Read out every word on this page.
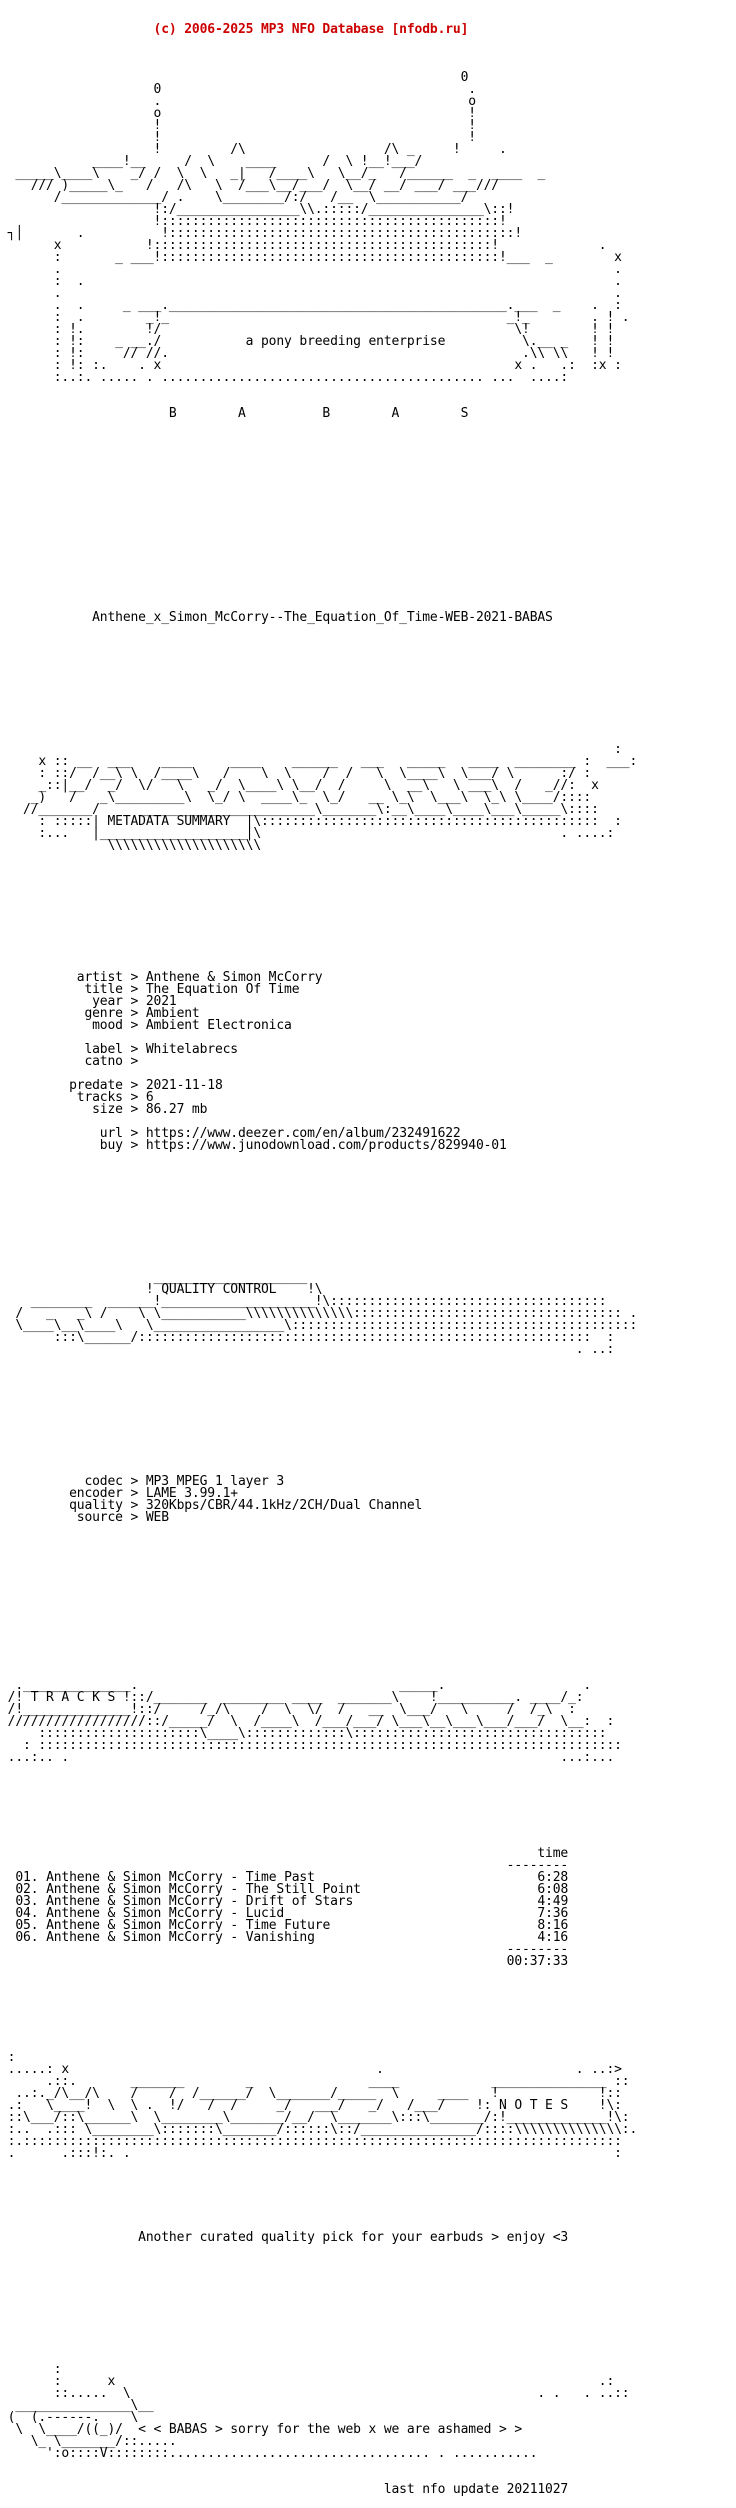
(c) 2006-2025 MP3 NFO Database [nfodb.ru]

0
0                                        .
.                                        o
o                                        !
!                                        !
!                                        !
!         /\                  /\ _     !     .
____!__     /  \    ____      /  \ !__!___/
_____\____\    _/ /  \  \   _|   /____\   \__/_   /______  _  ____  _
/// )_____\_   /   /\   \  /___\__/___/  \__/ __/ ___/ ___///
/_____________/ .    \________/:/   /__  \___________/
!:/________________\\.:::::/_______________\::!
!::::::::::::::::::::::::::::::::::::::::::::!
┐│       .          !:::::::::::::::::::::::::::::::::::::::::::::!
x           !::::::::::::::::::::::::::::::::::::::::::::!             .
:       _ ___!::::::::::::::::::::::::::::::::::::::::::::!___  _        x
.                                                                        .
:  .                                                                     .
.                                                                        .
.  .     _ ___.____________________________________________.___  _    .  :
:  .        _!_                                            _!_        . ! .
: !.        !/                                              \!        ! !
: !:    _ __./           a pony breeding enterprise          \.__ _   ! !
: !:     // //.                                              .\\ \\   ! !
: !: :.    . x                                              x .   .:  :x :
:..:. ..... . .......................................... ...  ....:

B        A          B        A        S

Anthene_x_Simon_McCorry--The_Equation_Of_Time-WEB-2021-BABAS

:
x :: __  ___    ____     ____    ______   ___   _____   ____  ________ :  ___:
: ::/  /__\ \  /____\   /    \  \    /  /   \  \____\  \___/ \      :/ :
_::|__/  _/  \/   \   _/  \____\ \__/  /     \  __\   \ ___\  /   _//:  x
_)   /   _\_________\  \_/ \  ____\_  \_/   __ \_\  \___\  \_\ \____/::::
//_______/     _______________________\_______\:__\____\____\___\_____\::::
: :::::| METADATA SUMMARY  |\::::::::::::::::::::::::::::::::::::::::::::  :
:...   |___________________|\                                       . ....:
\\\\\\\\\\\\\\\\\\\\

artist > Anthene & Simon McCorry
title > The Equation Of Time
year > 2021
genre > Ambient
mood > Ambient Electronica
label > Whitelabrecs
catno >
predate > 2021-11-18
tracks > 6
size > 86.27 mb
url > https://www.deezer.com/en/album/232491622
buy > https://www.junodownload.com/products/829940-01

____________________
! QUALITY CONTROL    !\
________  ______!____________________!\::::::::::::::::::::::::::::::::::::
/   _   _\ /    \ \___________\\\\\\\\\\\\\\::::::::::::::::::::::::::::::::::: .
\____\__\____\   \_________________\:::::::::::::::::::::::::::::::::::::::::::::
:::\______/:::::::::::::::::::::::::::::::::::::::::::::::::::::::::::  :
. ..:

codec > MP3 MPEG 1 layer 3
encoder > LAME 3.99.1+
quality > 320Kbps/CBR/44.1kHz/2CH/Dual Channel
source > WEB

.______________.                                  _____.                  .
/! T R A C K S !::/_______  ________ ____  _______\    !__________. ____/_:
/!______________!::/     /_/\    /  \  \/  /   __  \___/   \     /  /_\  :
//////////////////::/_____/  \  /____\  /___/___/ \___\__\___\___/___/  \__:  :
:::::::::::::::::::::\____\:::::::::::::\:::::::::::::::::::::::::::::::::
: ::::::::::::::::::::::::::::::::::::::::::::::::::::::::::::::::::::::::::::
...:.. .                                                                ...:...

time
--------
01. Anthene & Simon McCorry - Time Past	6:28
02. Anthene & Simon McCorry - The Still Point	6:08
03. Anthene & Simon McCorry - Drift of Stars	4:49
04. Anthene & Simon McCorry - Lucid	7:36
05. Anthene & Simon McCorry - Time Future	8:16
06. Anthene & Simon McCorry - Vanishing	4:16
--------
00:37:33

:
.....: x                                        .                         . ..:>
.::.       _______        _               ____            _______________ ::
..:._/\__/\    /    /  /______/  \_______/_____  \     ____   !             !::
.:   \____!  \  \ .  !/   /  /     _/   ___/   _/   /___/    !: N O T E S    !\:
::\___/::\______\  \________\_______/__/  \_______\:::\_______/:!_____________!\:
:..  .::: \________\:::::::\_______/::::::\::/_______________/::::\\\\\\\\\\\\\\:.
:.::::::::::::::::::::::::::::::::::::::::::::::::::::::::::::::::::::::::::::::
.      .:::!:. .                                                               :

Another curated quality pick for your earbuds > enjoy <3

:
:      x                                                               .:
::.....  \                                                     . .   . ..::
_______________\__
(  (.------.    \
\  \____/((_)/  < < BABAS > sorry for the web x we are ashamed > >
\_ \_______/::.....
':o::::V::::::::.................................. . ...........

last nfo update 20211027
